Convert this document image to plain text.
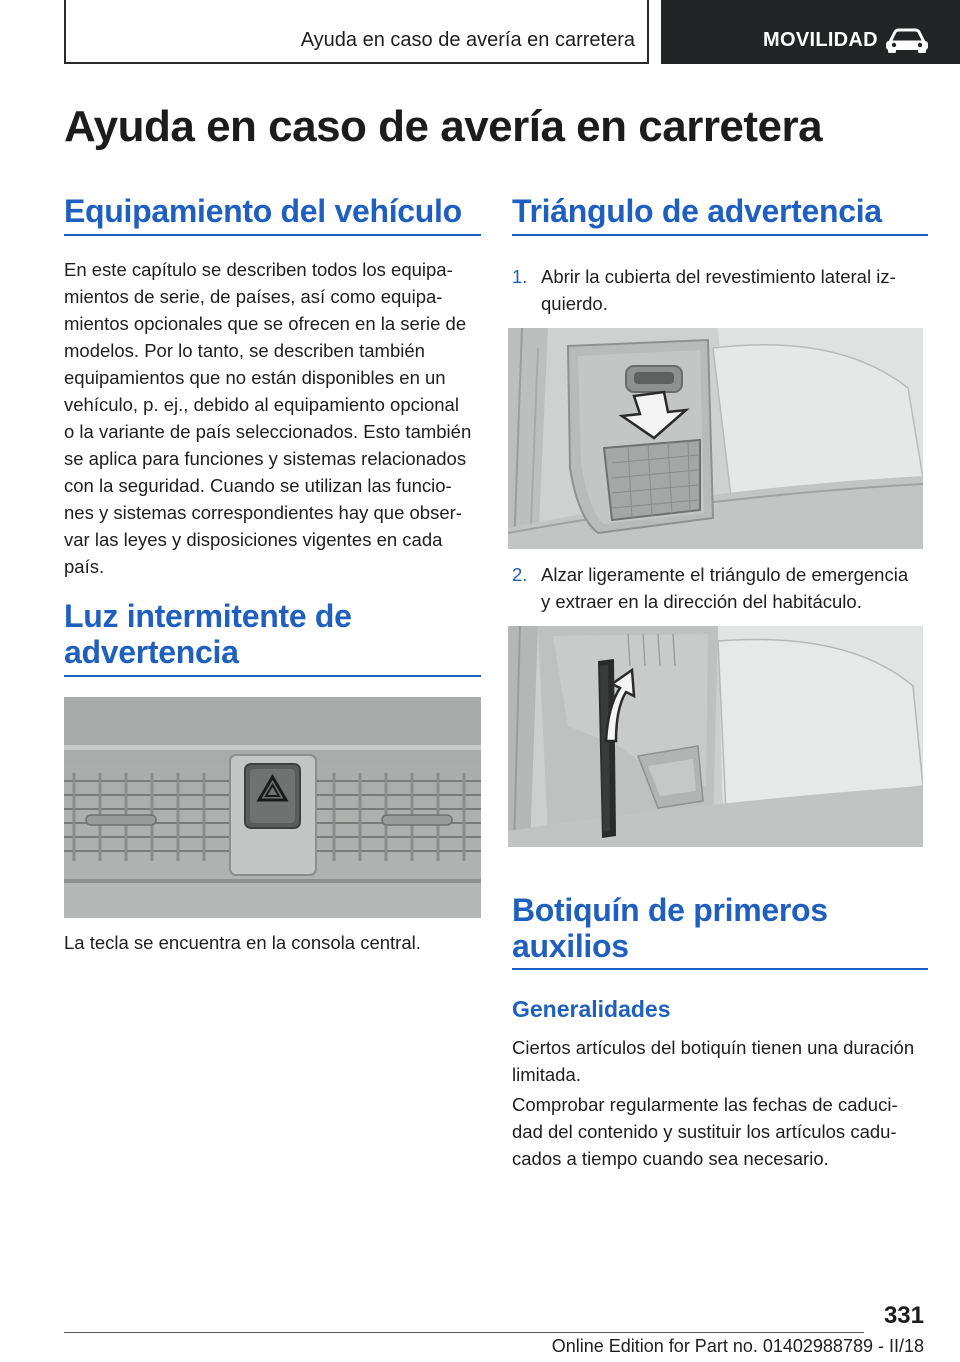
Ayuda en caso de avería en carretera	MOVILIDAD
Ayuda en caso de avería en carretera
Equipamiento del vehículo
En este capítulo se describen todos los equipa-
mientos de serie, de países, así como equipa-
mientos opcionales que se ofrecen en la serie de
modelos. Por lo tanto, se describen también
equipamientos que no están disponibles en un
vehículo, p. ej., debido al equipamiento opcional
o la variante de país seleccionados. Esto también
se aplica para funciones y sistemas relacionados
con la seguridad. Cuando se utilizan las funcio-
nes y sistemas correspondientes hay que obser-
var las leyes y disposiciones vigentes en cada
país.
Luz intermitente de
advertencia
La tecla se encuentra en la consola central.
Triángulo de advertencia
1. Abrir la cubierta del revestimiento lateral iz-
quierdo.
2. Alzar ligeramente el triángulo de emergencia
y extraer en la dirección del habitáculo.
Botiquín de primeros
auxilios
Generalidades
Ciertos artículos del botiquín tienen una duración
limitada.
Comprobar regularmente las fechas de caduci-
dad del contenido y sustituir los artículos cadu-
cados a tiempo cuando sea necesario.
331
Online Edition for Part no. 01402988789 - II/18
